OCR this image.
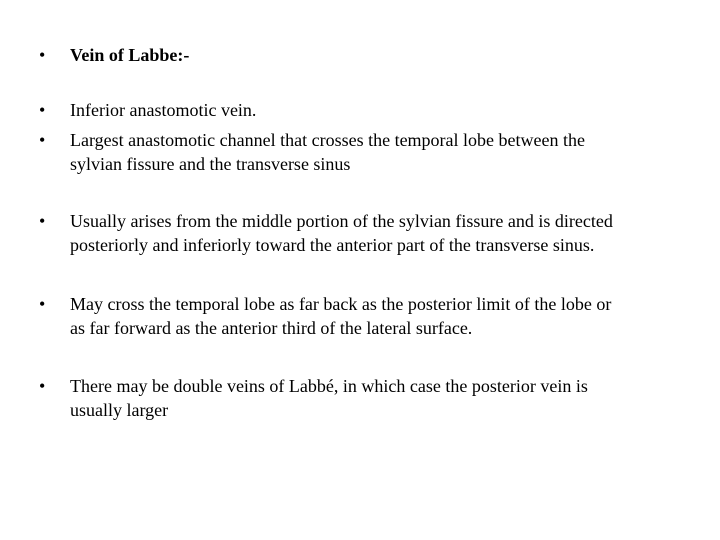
• Vein of Labbe:-
• Inferior anastomotic vein.
• Largest anastomotic channel that crosses the temporal lobe between the
sylvian fissure and the transverse sinus
• Usually arises from the middle portion of the sylvian fissure and is directed
posteriorly and inferiorly toward the anterior part of the transverse sinus.
• May cross the temporal lobe as far back as the posterior limit of the lobe or
as far forward as the anterior third of the lateral surface.
• There may be double veins of Labbé, in which case the posterior vein is
usually larger
